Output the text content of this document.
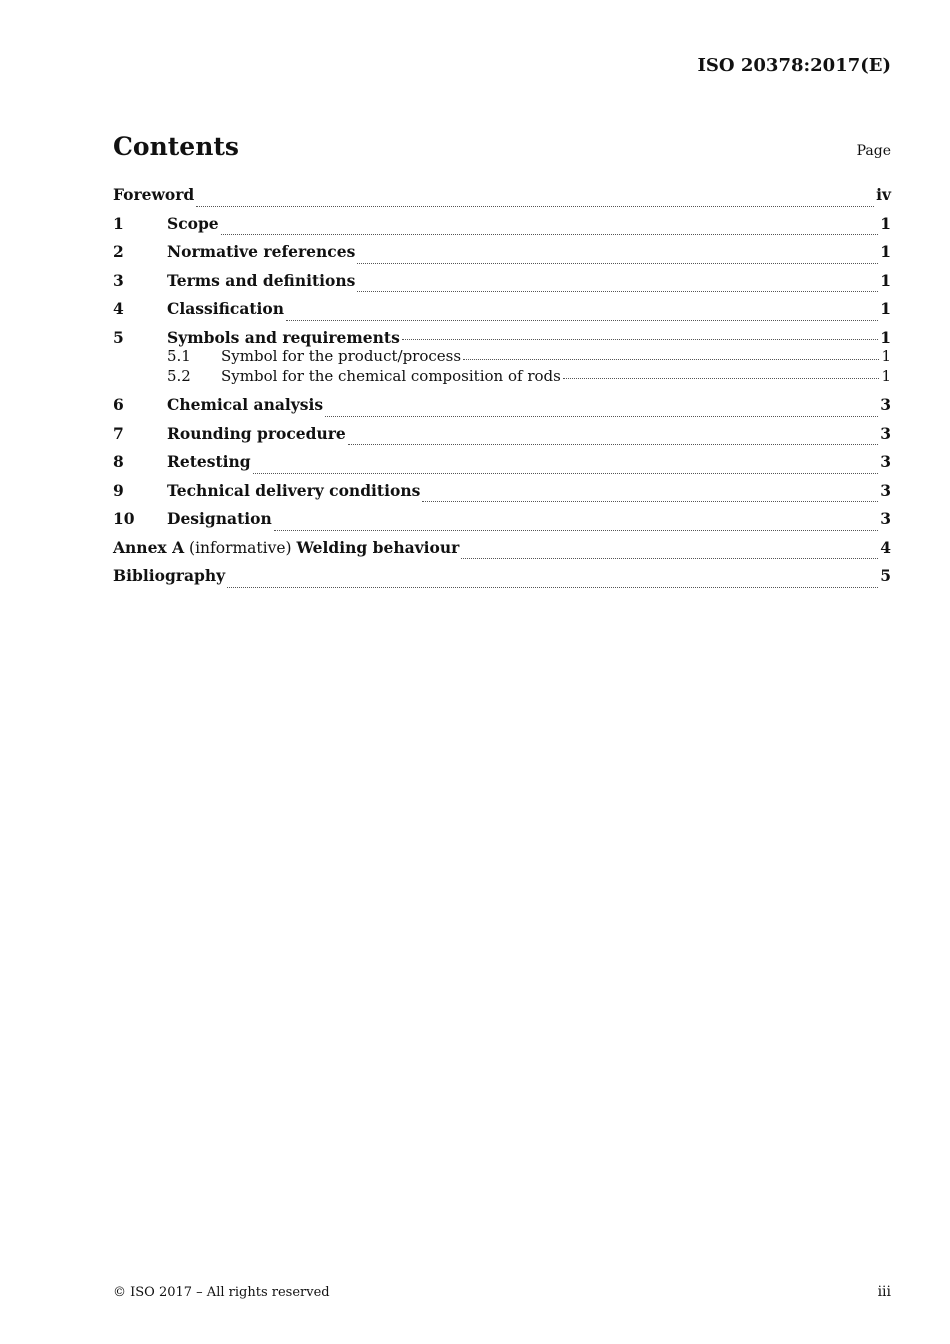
ISO 20378:2017(E)
Contents	Page
Foreword	iv
1	Scope	1
2	Normative references	1
3	Terms and definitions	1
4	Classification	1
5	Symbols and requirements	1
5.1	Symbol for the product/process	1
5.2	Symbol for the chemical composition of rods	1
6	Chemical analysis	3
7	Rounding procedure	3
8	Retesting	3
9	Technical delivery conditions	3
10	Designation	3
Annex A (informative) Welding behaviour	4
Bibliography	5
© ISO 2017 – All rights reserved	iii
